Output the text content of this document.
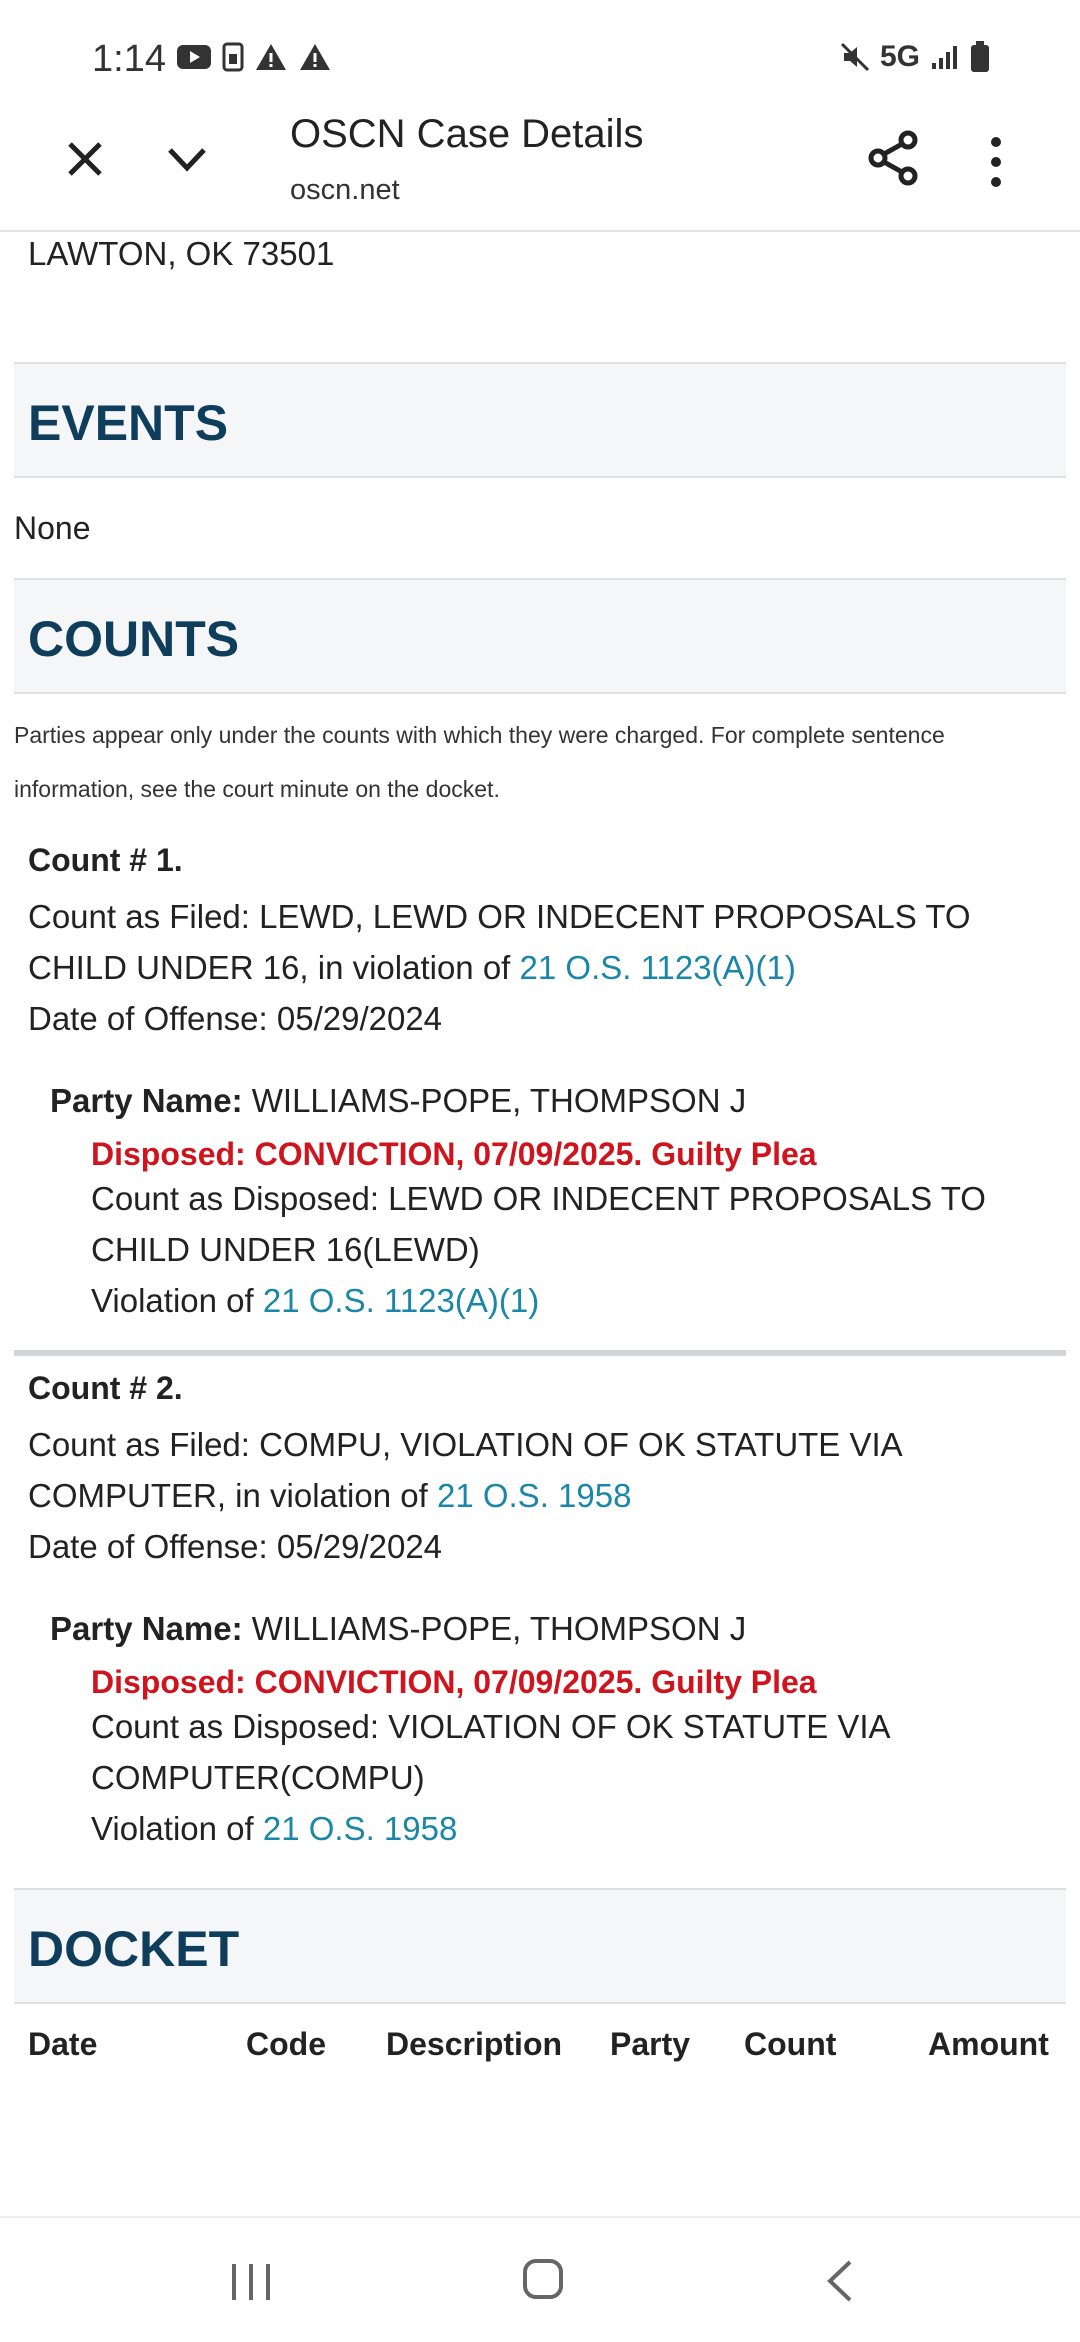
1:14	5G
OSCN Case Details
oscn.net
LAWTON, OK 73501
EVENTS
None
COUNTS
Parties appear only under the counts with which they were charged. For complete sentence information, see the court minute on the docket.
Count # 1.
Count as Filed: LEWD, LEWD OR INDECENT PROPOSALS TO CHILD UNDER 16, in violation of 21 O.S. 1123(A)(1)
Date of Offense: 05/29/2024
Party Name: WILLIAMS-POPE, THOMPSON J
Disposed: CONVICTION, 07/09/2025. Guilty Plea
Count as Disposed: LEWD OR INDECENT PROPOSALS TO CHILD UNDER 16(LEWD)
Violation of 21 O.S. 1123(A)(1)
Count # 2.
Count as Filed: COMPU, VIOLATION OF OK STATUTE VIA COMPUTER, in violation of 21 O.S. 1958
Date of Offense: 05/29/2024
Party Name: WILLIAMS-POPE, THOMPSON J
Disposed: CONVICTION, 07/09/2025. Guilty Plea
Count as Disposed: VIOLATION OF OK STATUTE VIA COMPUTER(COMPU)
Violation of 21 O.S. 1958
DOCKET
Date	Code	Description	Party	Count	Amount
